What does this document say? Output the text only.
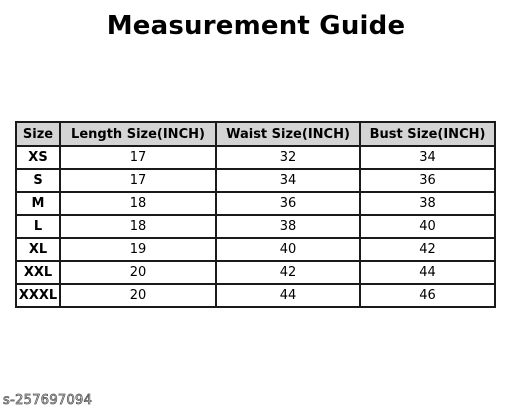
Measurement Guide
Size	Length Size(INCH)	Waist Size(INCH)	Bust Size(INCH)
XS	17	32	34
S	17	34	36
M	18	36	38
L	18	38	40
XL	19	40	42
XXL	20	42	44
XXXL	20	44	46
s-257697094
